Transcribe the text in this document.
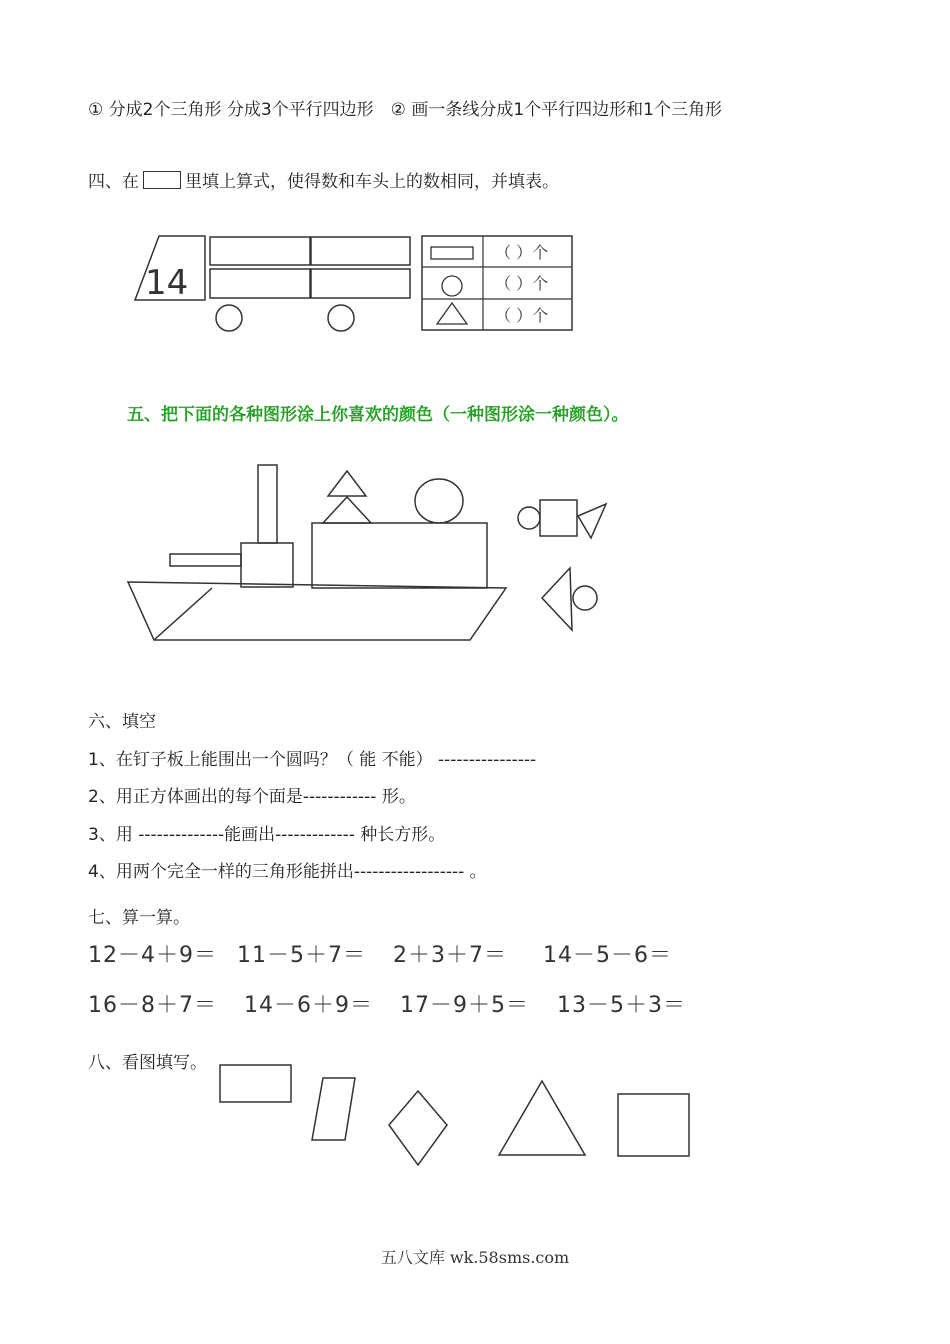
① 分成2个三角形 分成3个平行四边形　② 画一条线分成1个平行四边形和1个三角形
四、在	里填上算式，使得数和车头上的数相同，并填表。
14
（ ）个
（ ）个
（ ）个
五、把下面的各种图形涂上你喜欢的颜色（一种图形涂一种颜色）。
六、填空
1、在钉子板上能围出一个圆吗？（ 能 不能） ----------------
2、用正方体画出的每个面是------------ 形。
3、用 --------------能画出------------- 种长方形。
4、用两个完全一样的三角形能拼出------------------ 。
七、算一算。
12－4＋9＝ 11－5＋7＝ 2＋3＋7＝ 14－5－6＝
16－8＋7＝ 14－6＋9＝ 17－9＋5＝ 13－5＋3＝
八、看图填写。
五八文库 wk.58sms.com
